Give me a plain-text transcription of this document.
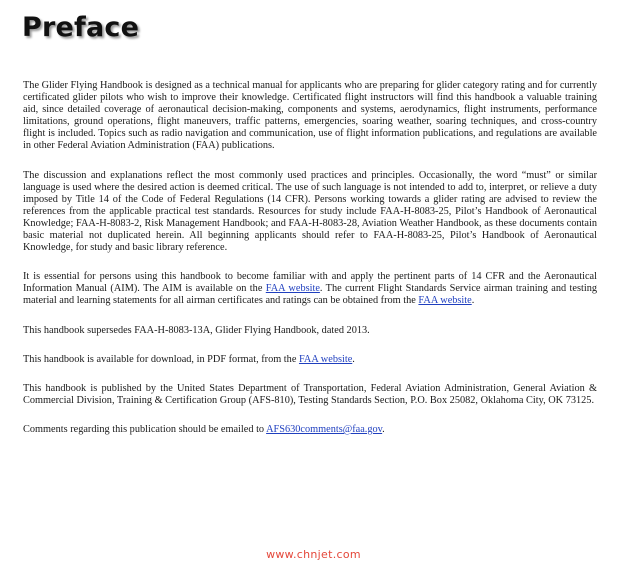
Preface

The Glider Flying Handbook is designed as a technical manual for applicants who are preparing for glider category rating and for currently certificated glider pilots who wish to improve their knowledge. Certificated flight instructors will find this handbook a valuable training aid, since detailed coverage of aeronautical decision-making, components and systems, aerodynamics, flight instruments, performance limitations, ground operations, flight maneuvers, traffic patterns, emergencies, soaring weather, soaring techniques, and cross-country flight is included. Topics such as radio navigation and communication, use of flight information publications, and regulations are available in other Federal Aviation Administration (FAA) publications.

The discussion and explanations reflect the most commonly used practices and principles. Occasionally, the word “must” or similar language is used where the desired action is deemed critical. The use of such language is not intended to add to, interpret, or relieve a duty imposed by Title 14 of the Code of Federal Regulations (14 CFR). Persons working towards a glider rating are advised to review the references from the applicable practical test standards. Resources for study include FAA-H-8083-25, Pilot’s Handbook of Aeronautical Knowledge; FAA-H-8083-2, Risk Management Handbook; and FAA-H-8083-28, Aviation Weather Handbook, as these documents contain basic material not duplicated herein. All beginning applicants should refer to FAA-H-8083-25, Pilot’s Handbook of Aeronautical Knowledge, for study and basic library reference.

It is essential for persons using this handbook to become familiar with and apply the pertinent parts of 14 CFR and the Aeronautical Information Manual (AIM). The AIM is available on the FAA website. The current Flight Standards Service airman training and testing material and learning statements for all airman certificates and ratings can be obtained from the FAA website.

This handbook supersedes FAA-H-8083-13A, Glider Flying Handbook, dated 2013.

This handbook is available for download, in PDF format, from the FAA website.

This handbook is published by the United States Department of Transportation, Federal Aviation Administration, General Aviation & Commercial Division, Training & Certification Group (AFS-810), Testing Standards Section, P.O. Box 25082, Oklahoma City, OK 73125.

Comments regarding this publication should be emailed to AFS630comments@faa.gov.

www.chnjet.com
